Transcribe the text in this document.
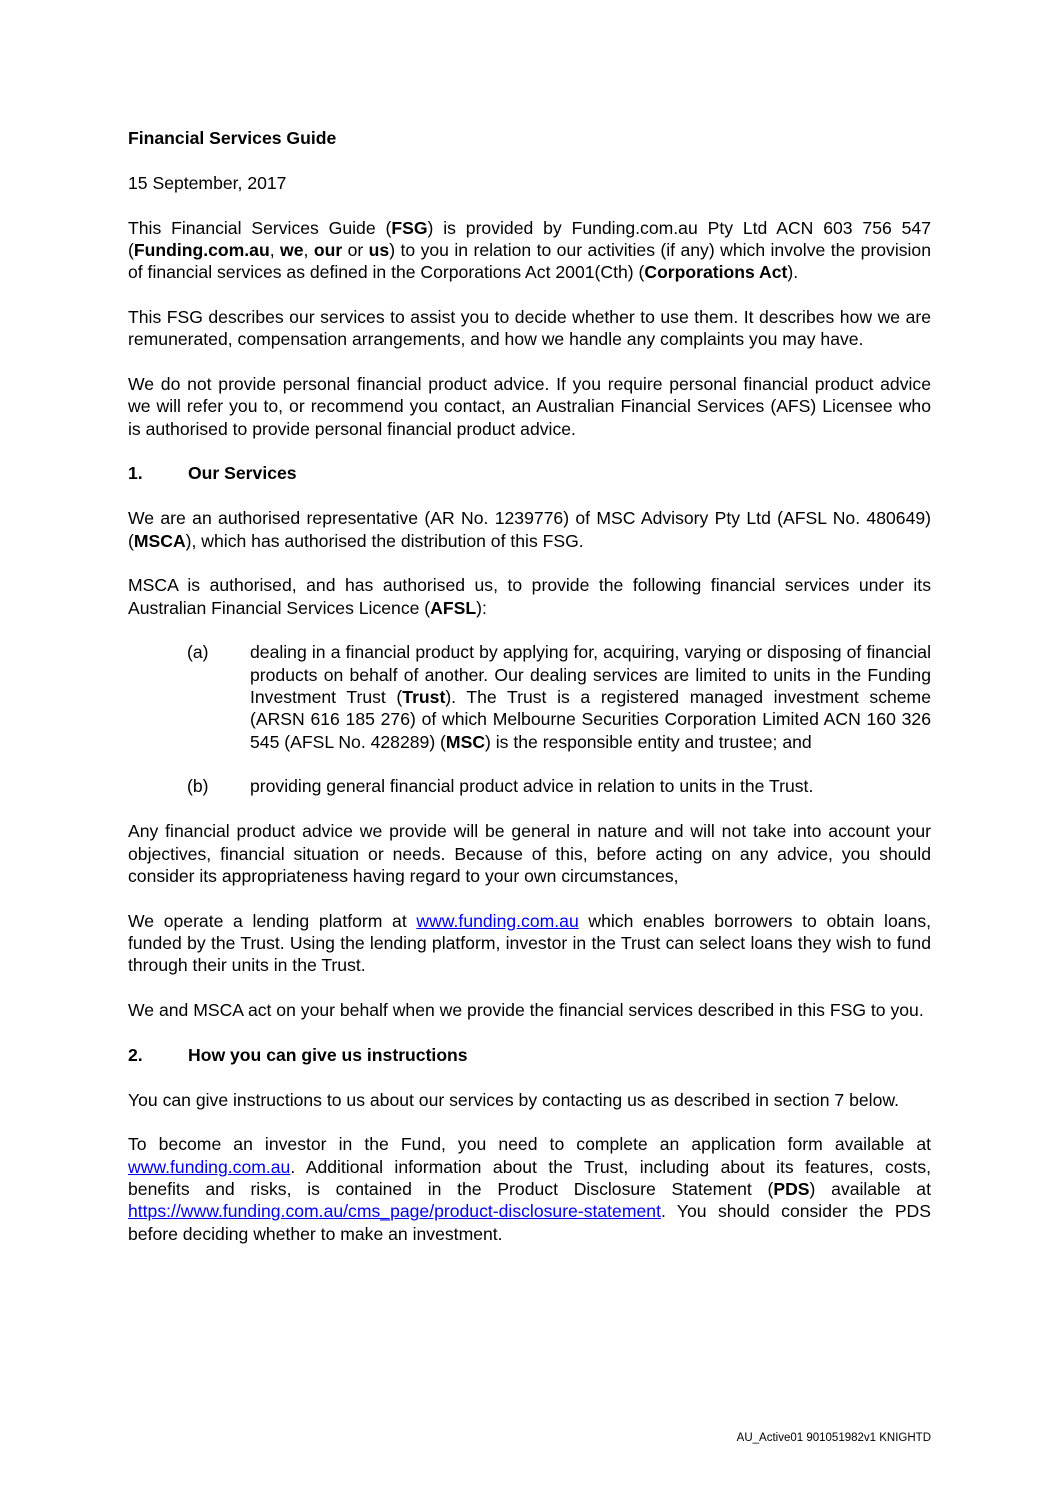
Financial Services Guide

15 September, 2017

This Financial Services Guide (FSG) is provided by Funding.com.au Pty Ltd ACN 603 756 547 (Funding.com.au, we, our or us) to you in relation to our activities (if any) which involve the provision of financial services as defined in the Corporations Act 2001(Cth) (Corporations Act).

This FSG describes our services to assist you to decide whether to use them. It describes how we are remunerated, compensation arrangements, and how we handle any complaints you may have.

We do not provide personal financial product advice. If you require personal financial product advice we will refer you to, or recommend you contact, an Australian Financial Services (AFS) Licensee who is authorised to provide personal financial product advice.

1.	Our Services

We are an authorised representative (AR No. 1239776) of MSC Advisory Pty Ltd (AFSL No. 480649) (MSCA), which has authorised the distribution of this FSG.

MSCA is authorised, and has authorised us, to provide the following financial services under its Australian Financial Services Licence (AFSL):

(a)	dealing in a financial product by applying for, acquiring, varying or disposing of financial products on behalf of another. Our dealing services are limited to units in the Funding Investment Trust (Trust). The Trust is a registered managed investment scheme (ARSN 616 185 276) of which Melbourne Securities Corporation Limited ACN 160 326 545 (AFSL No. 428289) (MSC) is the responsible entity and trustee; and
(b)	providing general financial product advice in relation to units in the Trust.

Any financial product advice we provide will be general in nature and will not take into account your objectives, financial situation or needs. Because of this, before acting on any advice, you should consider its appropriateness having regard to your own circumstances,

We operate a lending platform at www.funding.com.au which enables borrowers to obtain loans, funded by the Trust. Using the lending platform, investor in the Trust can select loans they wish to fund through their units in the Trust.

We and MSCA act on your behalf when we provide the financial services described in this FSG to you.

2.	How you can give us instructions

You can give instructions to us about our services by contacting us as described in section 7 below.

To become an investor in the Fund, you need to complete an application form available at www.funding.com.au. Additional information about the Trust, including about its features, costs, benefits and risks, is contained in the Product Disclosure Statement (PDS) available at https://www.funding.com.au/cms_page/product-disclosure-statement. You should consider the PDS before deciding whether to make an investment.

AU_Active01 901051982v1 KNIGHTD
